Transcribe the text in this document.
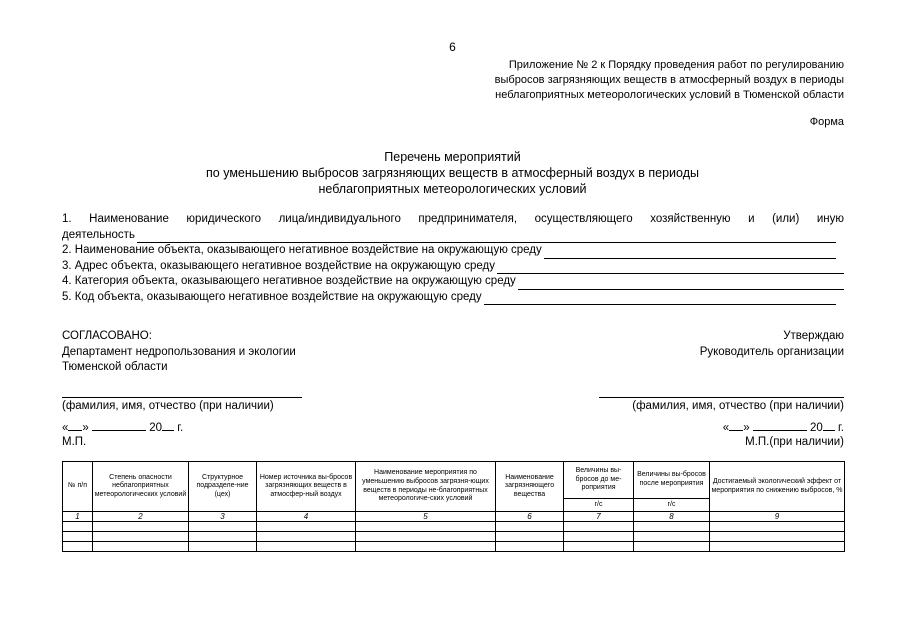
6
Приложение № 2 к Порядку проведения работ по регулированию
выбросов загрязняющих веществ в атмосферный воздух в периоды
неблагоприятных метеорологических условий в Тюменской области
Форма
Перечень мероприятий
по уменьшению выбросов загрязняющих веществ в атмосферный воздух в периоды
неблагоприятных метеорологических условий
1. Наименование юридического лица/индивидуального предпринимателя, осуществляющего хозяйственную и (или) иную
деятельность
2. Наименование объекта, оказывающего негативное воздействие на окружающую среду
3. Адрес объекта, оказывающего негативное воздействие на окружающую среду
4. Категория объекта, оказывающего негативное воздействие на окружающую среду
5. Код объекта, оказывающего негативное воздействие на окружающую среду
СОГЛАСОВАНО:
Департамент недропользования и экологии
Тюменской области
(фамилия, имя, отчество (при наличии)
Утверждаю
Руководитель организации
(фамилия, имя, отчество (при наличии)
« »	20 г.
М.П.
« »	20 г.
М.П.(при наличии)
№ п/п	Степень опасности неблагоприятных метеорологических условий	Структурное подразделе-ние (цех)	Номер источника вы-бросов загрязняющих веществ в атмосфер-ный воздух	Наименование мероприятия по уменьшению выбросов загрязня-ющих веществ в периоды не-благоприятных метеорологиче-ских условий	Наименование загрязняющего вещества	Величины вы-бросов до ме-роприятия	Величины вы-бросов после мероприятия	Достигаемый экологический эффект от мероприятия по снижению выбросов, %
						г/с	г/с	
1	2	3	4	5	6	7	8	9
